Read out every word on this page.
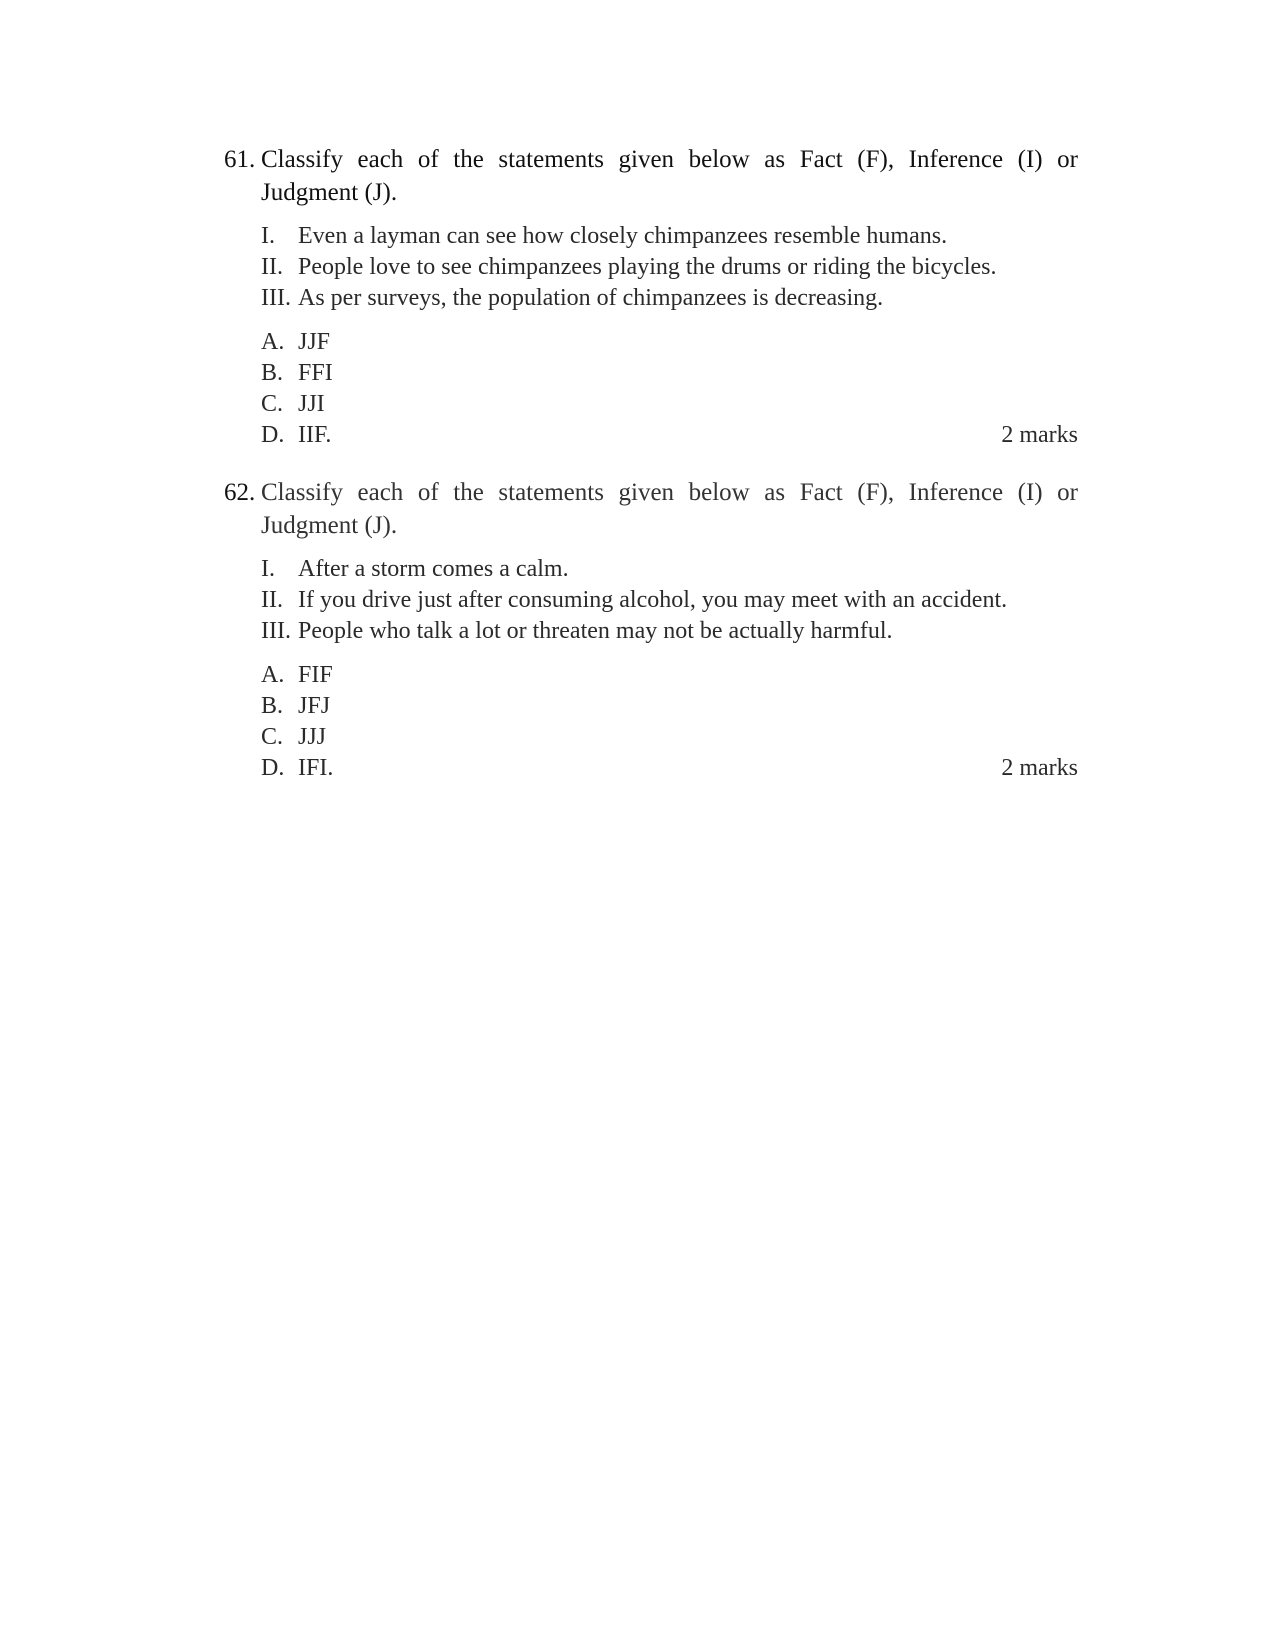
61. Classify each of the statements given below as Fact (F), Inference (I) or Judgment (J).
I. Even a layman can see how closely chimpanzees resemble humans.
II. People love to see chimpanzees playing the drums or riding the bicycles.
III. As per surveys, the population of chimpanzees is decreasing.
A. JJF
B. FFI
C. JJI
D. IIF.	2 marks
62. Classify each of the statements given below as Fact (F), Inference (I) or Judgment (J).
I. After a storm comes a calm.
II. If you drive just after consuming alcohol, you may meet with an accident.
III. People who talk a lot or threaten may not be actually harmful.
A. FIF
B. JFJ
C. JJJ
D. IFI.	2 marks
